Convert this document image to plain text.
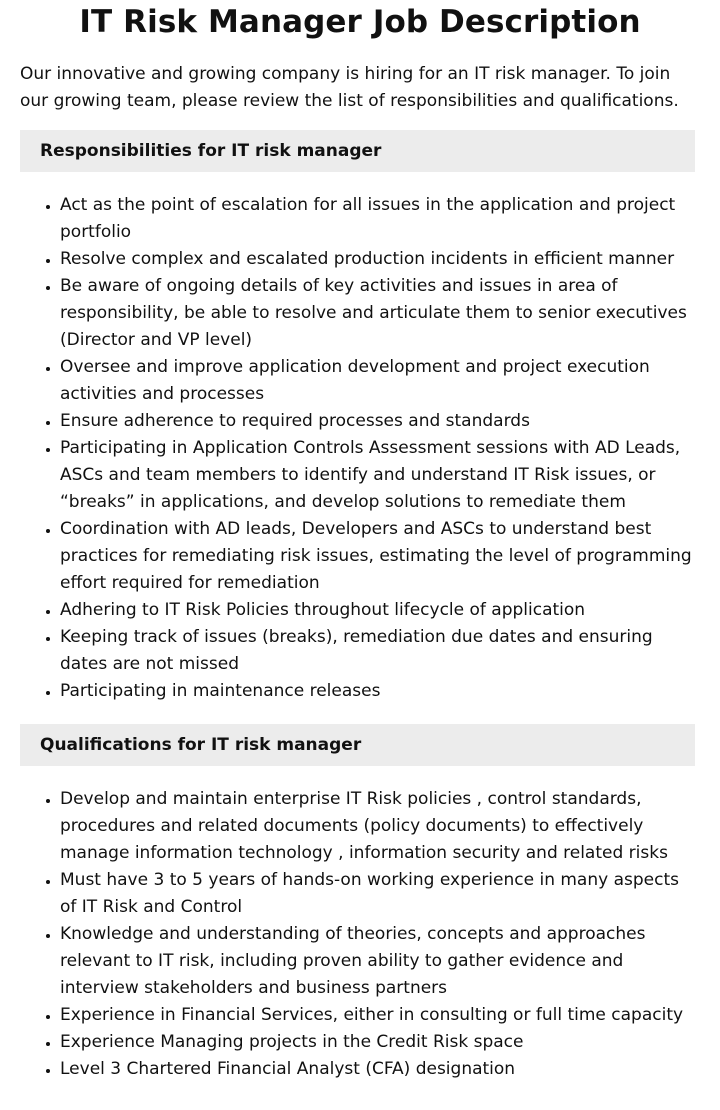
IT Risk Manager Job Description

Our innovative and growing company is hiring for an IT risk manager. To join our growing team, please review the list of responsibilities and qualifications.

Responsibilities for IT risk manager
• Act as the point of escalation for all issues in the application and project portfolio
• Resolve complex and escalated production incidents in efficient manner
• Be aware of ongoing details of key activities and issues in area of responsibility, be able to resolve and articulate them to senior executives (Director and VP level)
• Oversee and improve application development and project execution activities and processes
• Ensure adherence to required processes and standards
• Participating in Application Controls Assessment sessions with AD Leads, ASCs and team members to identify and understand IT Risk issues, or “breaks” in applications, and develop solutions to remediate them
• Coordination with AD leads, Developers and ASCs to understand best practices for remediating risk issues, estimating the level of programming effort required for remediation
• Adhering to IT Risk Policies throughout lifecycle of application
• Keeping track of issues (breaks), remediation due dates and ensuring dates are not missed
• Participating in maintenance releases
Qualifications for IT risk manager
• Develop and maintain enterprise IT Risk policies , control standards, procedures and related documents (policy documents) to effectively manage information technology , information security and related risks
• Must have 3 to 5 years of hands-on working experience in many aspects of IT Risk and Control
• Knowledge and understanding of theories, concepts and approaches relevant to IT risk, including proven ability to gather evidence and interview stakeholders and business partners
• Experience in Financial Services, either in consulting or full time capacity
• Experience Managing projects in the Credit Risk space
• Level 3 Chartered Financial Analyst (CFA) designation
